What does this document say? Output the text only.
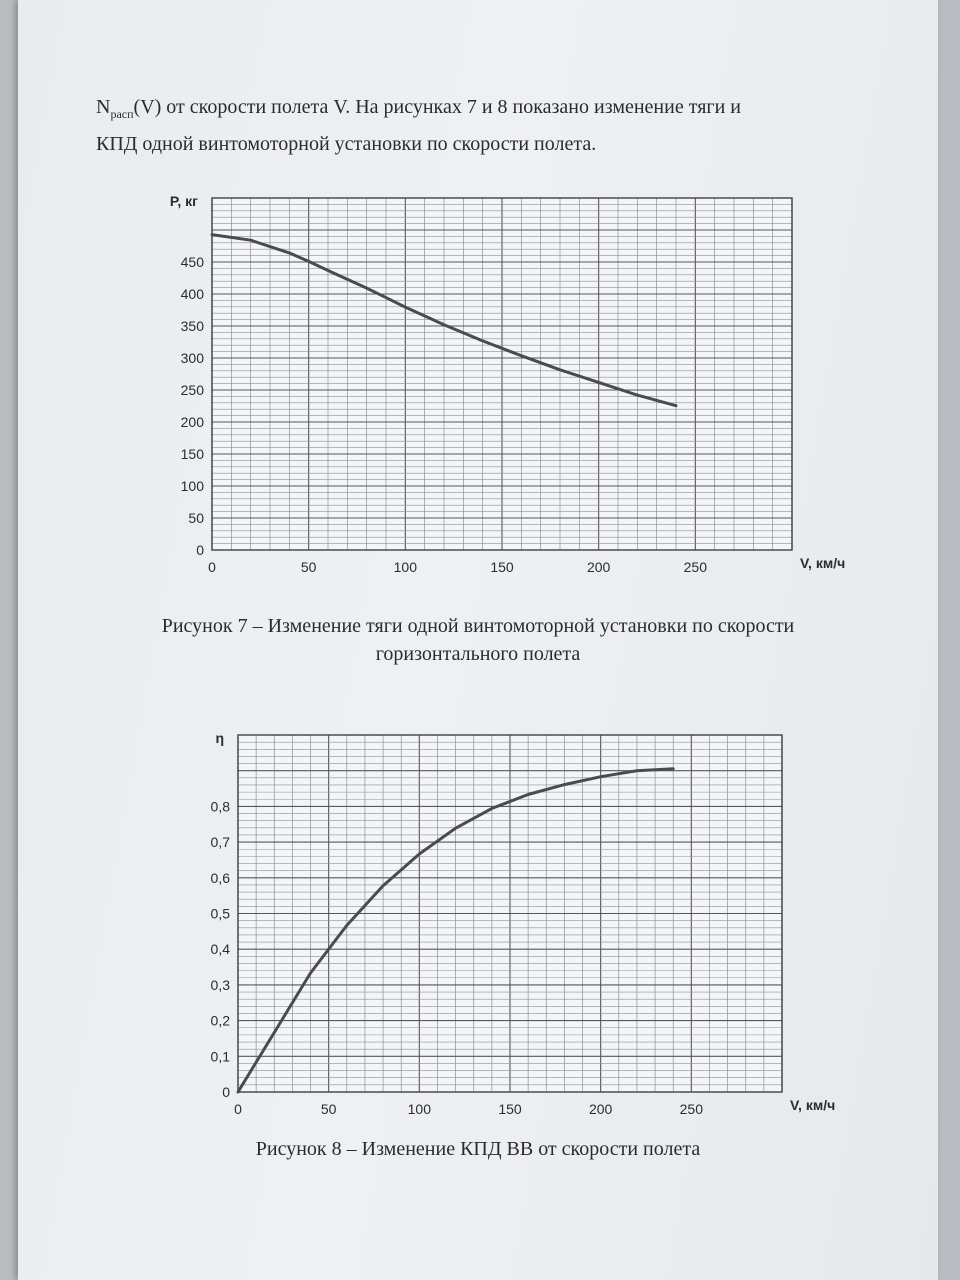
$N_{расп}(V)$ от скорости полета V. На рисунках 7 и 8 показано изменение тяги и
КПД одной винтомоторной установки по скорости полета.
Рисунок 7 – Изменение тяги одной винтомоторной установки по скорости
горизонтального полета
Рисунок 8 – Изменение КПД ВВ от скорости полета
0
50
100
150
200
250
300
350
400
450
0	50	100	150	200	250
P, кг
V, км/ч
0
0,1
0,2
0,3
0,4
0,5
0,6
0,7
0,8
0	50	100	150	200	250
η
V, км/ч
